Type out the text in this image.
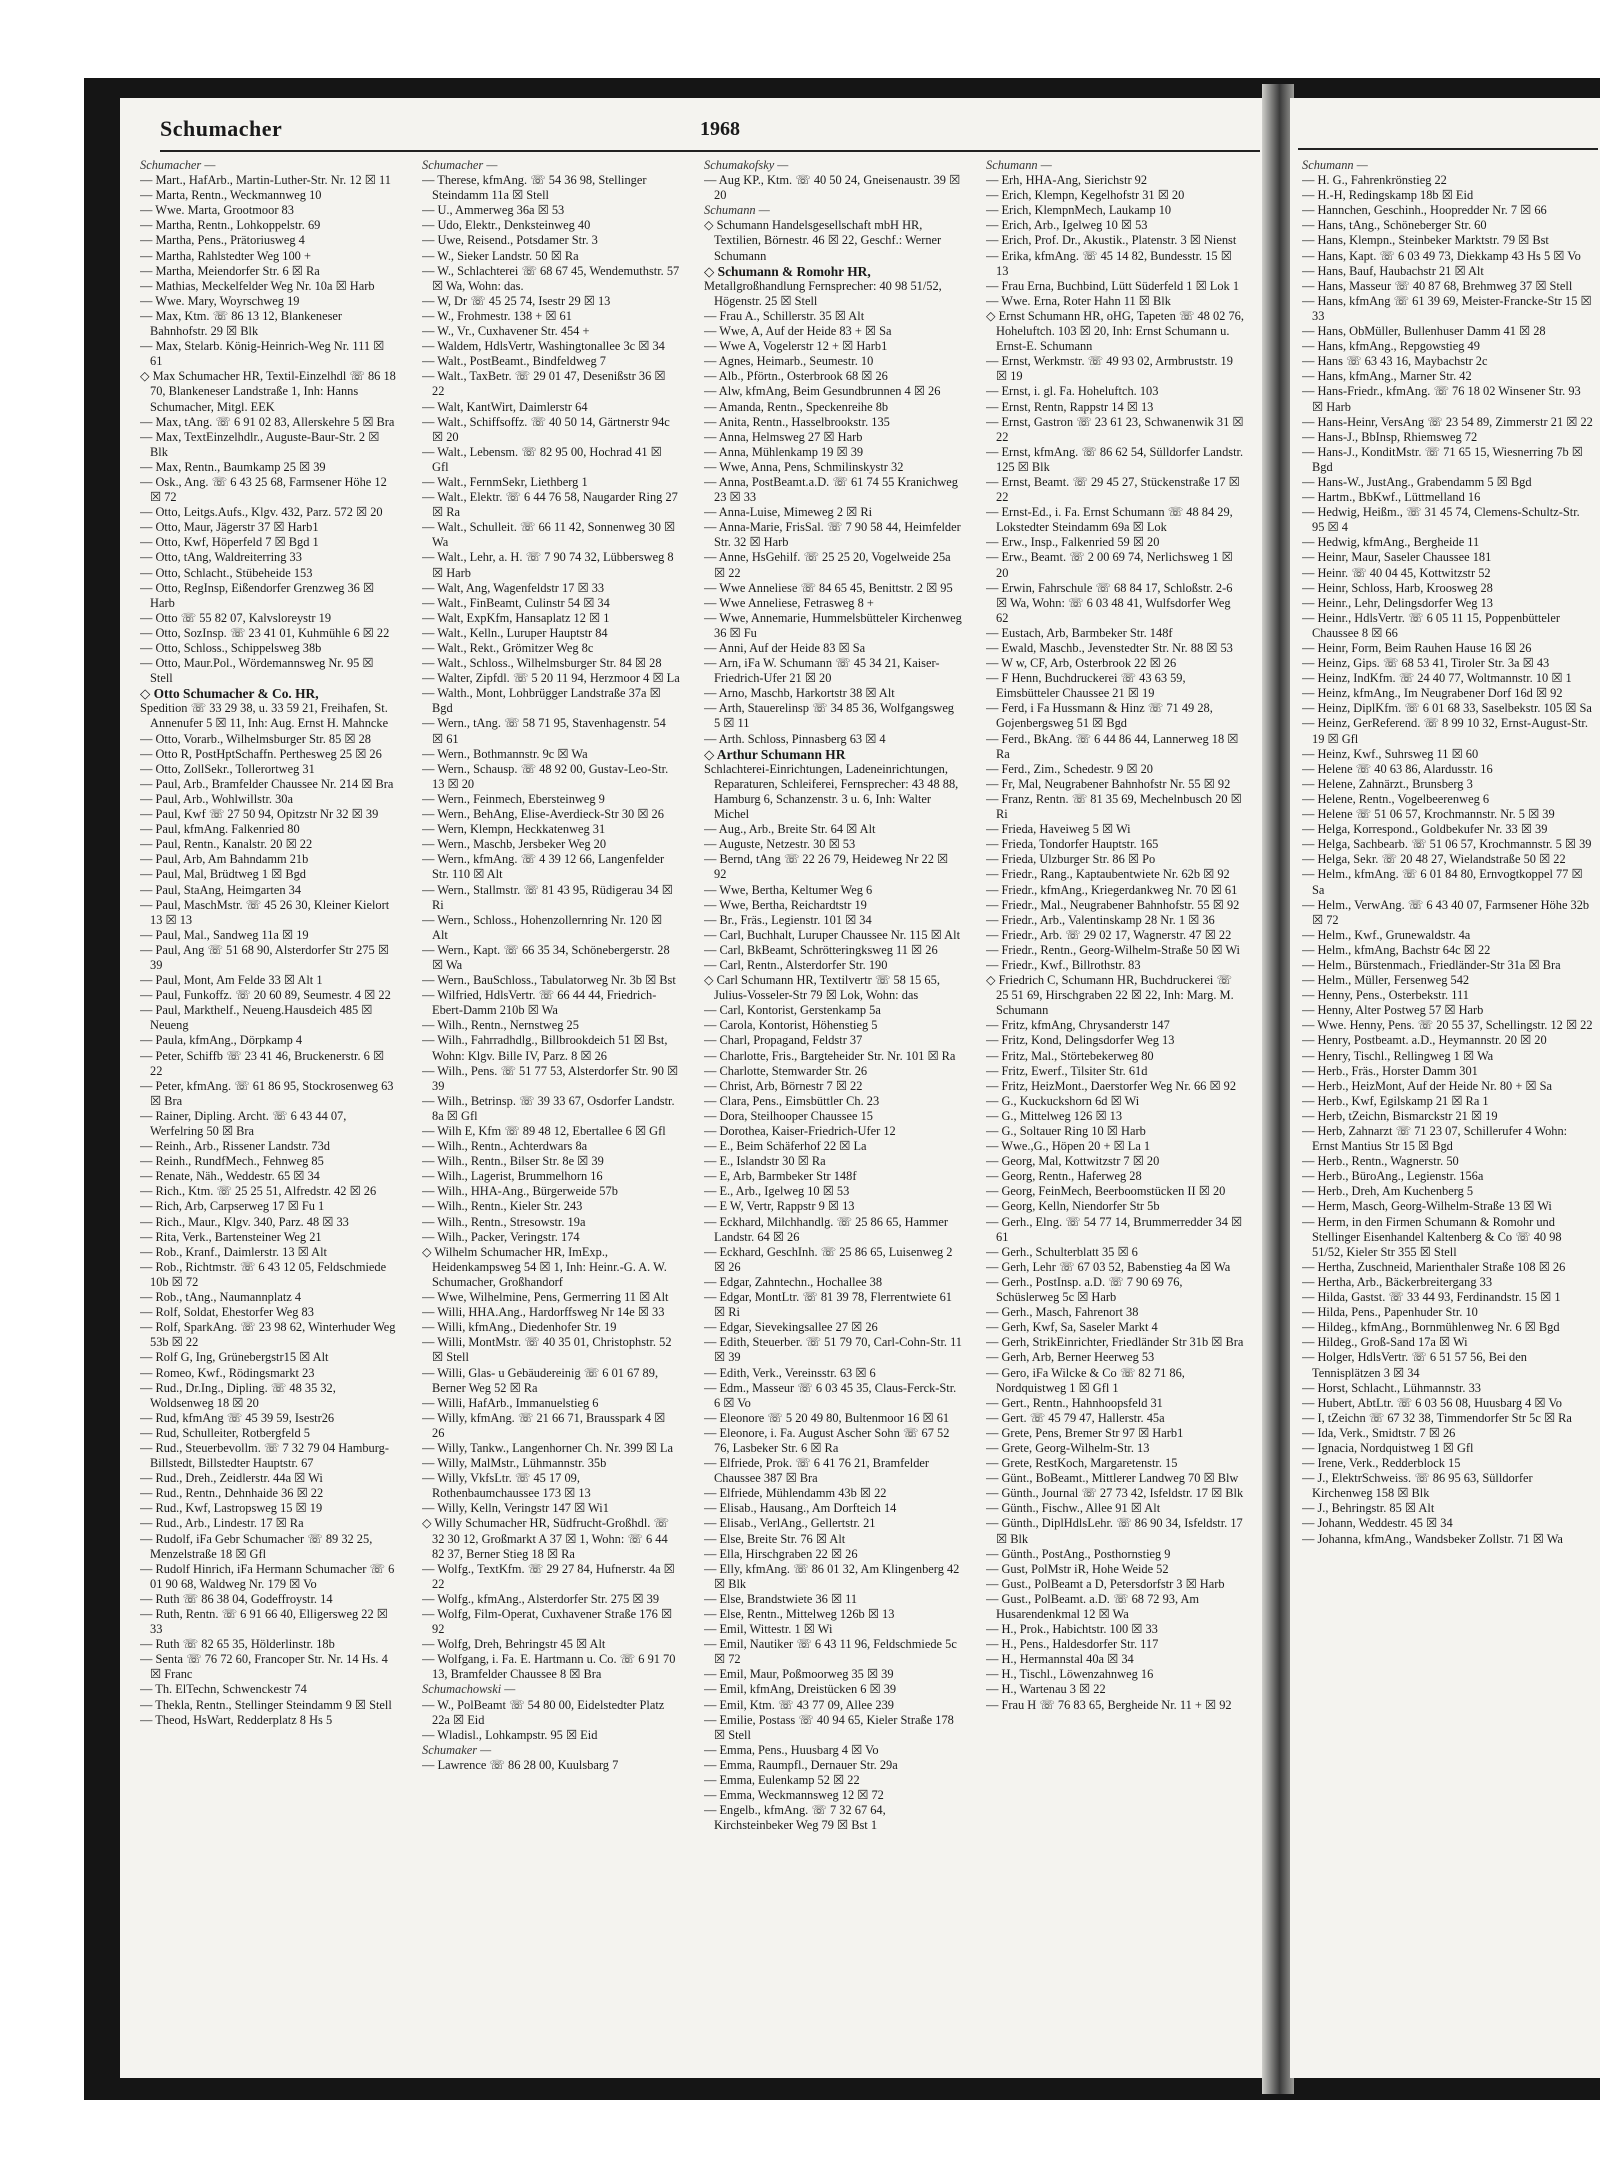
Schumacher	1968

Schumacher —

— Mart., HafArb., Martin-Luther-Str. Nr. 12 ☒ 11

— Marta, Rentn., Weckmannweg 10

— Wwe. Marta, Grootmoor 83

— Martha, Rentn., Lohkoppelstr. 69

— Martha, Pens., Prätoriusweg 4

— Martha, Rahlstedter Weg 100 +

— Martha, Meiendorfer Str. 6 ☒ Ra

— Mathias, Meckelfelder Weg Nr. 10a ☒ Harb

— Wwe. Mary, Woyrschweg 19

— Max, Ktm. ☏ 86 13 12, Blankeneser Bahnhofstr. 29 ☒ Blk

— Max, Stelarb. König-Heinrich-Weg Nr. 111 ☒ 61

◇ Max Schumacher HR, Textil-Einzelhdl ☏ 86 18 70, Blankeneser Landstraße 1, Inh: Hanns Schumacher, Mitgl. EEK

— Max, tAng. ☏ 6 91 02 83, Allerskehre 5 ☒ Bra

— Max, TextEinzelhdlr., Auguste-Baur-Str. 2 ☒ Blk

— Max, Rentn., Baumkamp 25 ☒ 39

— Osk., Ang. ☏ 6 43 25 68, Farmsener Höhe 12 ☒ 72

— Otto, Leitgs.Aufs., Klgv. 432, Parz. 572 ☒ 20

— Otto, Maur, Jägerstr 37 ☒ Harb1

— Otto, Kwf, Höperfeld 7 ☒ Bgd 1

— Otto, tAng, Waldreiterring 33

— Otto, Schlacht., Stübeheide 153

— Otto, RegInsp, Eißendorfer Grenzweg 36 ☒ Harb

— Otto ☏ 55 82 07, Kalvsloreystr 19

— Otto, SozInsp. ☏ 23 41 01, Kuhmühle 6 ☒ 22

— Otto, Schloss., Schippelsweg 38b

— Otto, Maur.Pol., Wördemannsweg Nr. 95 ☒ Stell

◇ Otto Schumacher & Co. HR,

Spedition ☏ 33 29 38, u. 33 59 21, Freihafen, St. Annenufer 5 ☒ 11, Inh: Aug. Ernst H. Mahncke

— Otto, Vorarb., Wilhelmsburger Str. 85 ☒ 28

— Otto R, PostHptSchaffn. Perthesweg 25 ☒ 26

— Otto, ZollSekr., Tollerortweg 31

— Paul, Arb., Bramfelder Chaussee Nr. 214 ☒ Bra

— Paul, Arb., Wohlwillstr. 30a

— Paul, Kwf ☏ 27 50 94, Opitzstr Nr 32 ☒ 39

— Paul, kfmAng. Falkenried 80

— Paul, Rentn., Kanalstr. 20 ☒ 22

— Paul, Arb, Am Bahndamm 21b

— Paul, Mal, Brüdtweg 1 ☒ Bgd

— Paul, StaAng, Heimgarten 34

— Paul, MaschMstr. ☏ 45 26 30, Kleiner Kielort 13 ☒ 13

— Paul, Mal., Sandweg 11a ☒ 19

— Paul, Ang ☏ 51 68 90, Alsterdorfer Str 275 ☒ 39

— Paul, Mont, Am Felde 33 ☒ Alt 1

— Paul, Funkoffz. ☏ 20 60 89, Seumestr. 4 ☒ 22

— Paul, Markthelf., Neueng.Hausdeich 485 ☒ Neueng

— Paula, kfmAng., Dörpkamp 4

— Peter, Schiffb ☏ 23 41 46, Bruckenerstr. 6 ☒ 22

— Peter, kfmAng. ☏ 61 86 95, Stockrosenweg 63 ☒ Bra

— Rainer, Dipling. Archt. ☏ 6 43 44 07, Werfelring 50 ☒ Bra

— Reinh., Arb., Rissener Landstr. 73d

— Reinh., RundfMech., Fehnweg 85

— Renate, Näh., Weddestr. 65 ☒ 34

— Rich., Ktm. ☏ 25 25 51, Alfredstr. 42 ☒ 26

— Rich, Arb, Carpserweg 17 ☒ Fu 1

— Rich., Maur., Klgv. 340, Parz. 48 ☒ 33

— Rita, Verk., Bartensteiner Weg 21

— Rob., Kranf., Daimlerstr. 13 ☒ Alt

— Rob., Richtmstr. ☏ 6 43 12 05, Feldschmiede 10b ☒ 72

— Rob., tAng., Naumannplatz 4

— Rolf, Soldat, Ehestorfer Weg 83

— Rolf, SparkAng. ☏ 23 98 62, Winterhuder Weg 53b ☒ 22

— Rolf G, Ing, Grünebergstr15 ☒ Alt

— Romeo, Kwf., Rödingsmarkt 23

— Rud., Dr.Ing., Dipling. ☏ 48 35 32, Woldsenweg 18 ☒ 20

— Rud, kfmAng ☏ 45 39 59, Isestr26

— Rud, Schulleiter, Rotbergfeld 5

— Rud., Steuerbevollm. ☏ 7 32 79 04 Hamburg-Billstedt, Billstedter Hauptstr. 67

— Rud., Dreh., Zeidlerstr. 44a ☒ Wi

— Rud., Rentn., Dehnhaide 36 ☒ 22

— Rud., Kwf, Lastropsweg 15 ☒ 19

— Rud., Arb., Lindestr. 17 ☒ Ra

— Rudolf, iFa Gebr Schumacher ☏ 89 32 25, Menzelstraße 18 ☒ Gfl

— Rudolf Hinrich, iFa Hermann Schumacher ☏ 6 01 90 68, Waldweg Nr. 179 ☒ Vo

— Ruth ☏ 86 38 04, Godeffroystr. 14

— Ruth, Rentn. ☏ 6 91 66 40, Elligersweg 22 ☒ 33

— Ruth ☏ 82 65 35, Hölderlinstr. 18b

— Senta ☏ 76 72 60, Francoper Str. Nr. 14 Hs. 4 ☒ Franc

— Th. ElTechn, Schwenckestr 74

— Thekla, Rentn., Stellinger Steindamm 9 ☒ Stell

— Theod, HsWart, Redderplatz 8 Hs 5

Schumacher —

— Therese, kfmAng. ☏ 54 36 98, Stellinger Steindamm 11a ☒ Stell

— U., Ammerweg 36a ☒ 53

— Udo, Elektr., Denksteinweg 40

— Uwe, Reisend., Potsdamer Str. 3

— W., Sieker Landstr. 50 ☒ Ra

— W., Schlachterei ☏ 68 67 45, Wendemuthstr. 57 ☒ Wa, Wohn: das.

— W, Dr ☏ 45 25 74, Isestr 29 ☒ 13

— W., Frohmestr. 138 + ☒ 61

— W., Vr., Cuxhavener Str. 454 +

— Waldem, HdlsVertr, Washingtonallee 3c ☒ 34

— Walt., PostBeamt., Bindfeldweg 7

— Walt., TaxBetr. ☏ 29 01 47, Desenißstr 36 ☒ 22

— Walt, KantWirt, Daimlerstr 64

— Walt., Schiffsoffz. ☏ 40 50 14, Gärtnerstr 94c ☒ 20

— Walt., Lebensm. ☏ 82 95 00, Hochrad 41 ☒ Gfl

— Walt., FernmSekr, Liethberg 1

— Walt., Elektr. ☏ 6 44 76 58, Naugarder Ring 27 ☒ Ra

— Walt., Schulleit. ☏ 66 11 42, Sonnenweg 30 ☒ Wa

— Walt., Lehr, a. H. ☏ 7 90 74 32, Lübbersweg 8 ☒ Harb

— Walt, Ang, Wagenfeldstr 17 ☒ 33

— Walt., FinBeamt, Culinstr 54 ☒ 34

— Walt, ExpKfm, Hansaplatz 12 ☒ 1

— Walt., Kelln., Luruper Hauptstr 84

— Walt., Rekt., Grömitzer Weg 8c

— Walt., Schloss., Wilhelmsburger Str. 84 ☒ 28

— Walter, Zipfdl. ☏ 5 20 11 94, Herzmoor 4 ☒ La

— Walth., Mont, Lohbrügger Landstraße 37a ☒ Bgd

— Wern., tAng. ☏ 58 71 95, Stavenhagenstr. 54 ☒ 61

— Wern., Bothmannstr. 9c ☒ Wa

— Wern., Schausp. ☏ 48 92 00, Gustav-Leo-Str. 13 ☒ 20

— Wern., Feinmech, Ebersteinweg 9

— Wern., BehAng, Elise-Averdieck-Str 30 ☒ 26

— Wern, Klempn, Heckkatenweg 31

— Wern., Maschb, Jersbeker Weg 20

— Wern., kfmAng. ☏ 4 39 12 66, Langenfelder Str. 110 ☒ Alt

— Wern., Stallmstr. ☏ 81 43 95, Rüdigerau 34 ☒ Ri

— Wern., Schloss., Hohenzollernring Nr. 120 ☒ Alt

— Wern., Kapt. ☏ 66 35 34, Schönebergerstr. 28 ☒ Wa

— Wern., BauSchloss., Tabulatorweg Nr. 3b ☒ Bst

— Wilfried, HdlsVertr. ☏ 66 44 44, Friedrich-Ebert-Damm 210b ☒ Wa

— Wilh., Rentn., Nernstweg 25

— Wilh., Fahrradhdlg., Billbrookdeich 51 ☒ Bst, Wohn: Klgv. Bille IV, Parz. 8 ☒ 26

— Wilh., Pens. ☏ 51 77 53, Alsterdorfer Str. 90 ☒ 39

— Wilh., Betrinsp. ☏ 39 33 67, Osdorfer Landstr. 8a ☒ Gfl

— Wilh E, Kfm ☏ 89 48 12, Ebertallee 6 ☒ Gfl

— Wilh., Rentn., Achterdwars 8a

— Wilh., Rentn., Bilser Str. 8e ☒ 39

— Wilh., Lagerist, Brummelhorn 16

— Wilh., HHA-Ang., Bürgerweide 57b

— Wilh., Rentn., Kieler Str. 243

— Wilh., Rentn., Stresowstr. 19a

— Wilh., Packer, Veringstr. 174

◇ Wilhelm Schumacher HR, ImExp., Heidenkampsweg 54 ☒ 1, Inh: Heinr.-G. A. W. Schumacher, Großhandorf

— Wwe, Wilhelmine, Pens, Germerring 11 ☒ Alt

— Willi, HHA.Ang., Hardorffsweg Nr 14e ☒ 33

— Willi, kfmAng., Diedenhofer Str. 19

— Willi, MontMstr. ☏ 40 35 01, Christophstr. 52 ☒ Stell

— Willi, Glas- u Gebäudereinig ☏ 6 01 67 89, Berner Weg 52 ☒ Ra

— Willi, HafArb., Immanuelstieg 6

— Willy, kfmAng. ☏ 21 66 71, Brausspark 4 ☒ 26

— Willy, Tankw., Langenhorner Ch. Nr. 399 ☒ La

— Willy, MalMstr., Lühmannstr. 35b

— Willy, VkfsLtr. ☏ 45 17 09, Rothenbaumchaussee 173 ☒ 13

— Willy, Kelln, Veringstr 147 ☒ Wi1

◇ Willy Schumacher HR, Südfrucht-Großhdl. ☏ 32 30 12, Großmarkt A 37 ☒ 1, Wohn: ☏ 6 44 82 37, Berner Stieg 18 ☒ Ra

— Wolfg., TextKfm. ☏ 29 27 84, Hufnerstr. 4a ☒ 22

— Wolfg., kfmAng., Alsterdorfer Str. 275 ☒ 39

— Wolfg, Film-Operat, Cuxhavener Straße 176 ☒ 92

— Wolfg, Dreh, Behringstr 45 ☒ Alt

— Wolfgang, i. Fa. E. Hartmann u. Co. ☏ 6 91 70 13, Bramfelder Chaussee 8 ☒ Bra

Schumachowski —

— W., PolBeamt ☏ 54 80 00, Eidelstedter Platz 22a ☒ Eid

— Wladisl., Lohkampstr. 95 ☒ Eid

Schumaker —

— Lawrence ☏ 86 28 00, Kuulsbarg 7

Schumakofsky —

— Aug KP., Ktm. ☏ 40 50 24, Gneisenaustr. 39 ☒ 20

Schumann —

◇ Schumann Handelsgesellschaft mbH HR, Textilien, Börnestr. 46 ☒ 22, Geschf.: Werner Schumann

◇ Schumann & Romohr HR,

Metallgroßhandlung Fernsprecher: 40 98 51/52, Högenstr. 25 ☒ Stell

— Frau A., Schillerstr. 35 ☒ Alt

— Wwe, A, Auf der Heide 83 + ☒ Sa

— Wwe A, Vogelerstr 12 + ☒ Harb1

— Agnes, Heimarb., Seumestr. 10

— Alb., Pförtn., Osterbrook 68 ☒ 26

— Alw, kfmAng, Beim Gesundbrunnen 4 ☒ 26

— Amanda, Rentn., Speckenreihe 8b

— Anita, Rentn., Hasselbrookstr. 135

— Anna, Helmsweg 27 ☒ Harb

— Anna, Mühlenkamp 19 ☒ 39

— Wwe, Anna, Pens, Schmilinskystr 32

— Anna, PostBeamt.a.D. ☏ 61 74 55 Kranichweg 23 ☒ 33

— Anna-Luise, Mimeweg 2 ☒ Ri

— Anna-Marie, FrisSal. ☏ 7 90 58 44, Heimfelder Str. 32 ☒ Harb

— Anne, HsGehilf. ☏ 25 25 20, Vogelweide 25a ☒ 22

— Wwe Anneliese ☏ 84 65 45, Benittstr. 2 ☒ 95

— Wwe Anneliese, Fetrasweg 8 +

— Wwe, Annemarie, Hummelsbütteler Kirchenweg 36 ☒ Fu

— Anni, Auf der Heide 83 ☒ Sa

— Arn, iFa W. Schumann ☏ 45 34 21, Kaiser-Friedrich-Ufer 21 ☒ 20

— Arno, Maschb, Harkortstr 38 ☒ Alt

— Arth, Stauerelinsp ☏ 34 85 36, Wolfgangsweg 5 ☒ 11

— Arth. Schloss, Pinnasberg 63 ☒ 4

◇ Arthur Schumann HR

Schlachterei-Einrichtungen, Ladeneinrichtungen, Reparaturen, Schleiferei, Fernsprecher: 43 48 88, Hamburg 6, Schanzenstr. 3 u. 6, Inh: Walter Michel

— Aug., Arb., Breite Str. 64 ☒ Alt

— Auguste, Netzestr. 30 ☒ 53

— Bernd, tAng ☏ 22 26 79, Heideweg Nr 22 ☒ 92

— Wwe, Bertha, Keltumer Weg 6

— Wwe, Bertha, Reichardtstr 19

— Br., Fräs., Legienstr. 101 ☒ 34

— Carl, Buchhalt, Luruper Chaussee Nr. 115 ☒ Alt

— Carl, BkBeamt, Schrötteringksweg 11 ☒ 26

— Carl, Rentn., Alsterdorfer Str. 190

◇ Carl Schumann HR, Textilvertr ☏ 58 15 65, Julius-Vosseler-Str 79 ☒ Lok, Wohn: das

— Carl, Kontorist, Gerstenkamp 5a

— Carola, Kontorist, Höhenstieg 5

— Charl, Propagand, Feldstr 37

— Charlotte, Fris., Bargteheider Str. Nr. 101 ☒ Ra

— Charlotte, Stemwarder Str. 26

— Christ, Arb, Börnestr 7 ☒ 22

— Clara, Pens., Eimsbüttler Ch. 23

— Dora, Steilhooper Chaussee 15

— Dorothea, Kaiser-Friedrich-Ufer 12

— E., Beim Schäferhof 22 ☒ La

— E., Islandstr 30 ☒ Ra

— E, Arb, Barmbeker Str 148f

— E., Arb., Igelweg 10 ☒ 53

— E W, Vertr, Rappstr 9 ☒ 13

— Eckhard, Milchhandlg. ☏ 25 86 65, Hammer Landstr. 64 ☒ 26

— Eckhard, GeschInh. ☏ 25 86 65, Luisenweg 2 ☒ 26

— Edgar, Zahntechn., Hochallee 38

— Edgar, MontLtr. ☏ 81 39 78, Flerrentwiete 61 ☒ Ri

— Edgar, Sievekingsallee 27 ☒ 26

— Edith, Steuerber. ☏ 51 79 70, Carl-Cohn-Str. 11 ☒ 39

— Edith, Verk., Vereinsstr. 63 ☒ 6

— Edm., Masseur ☏ 6 03 45 35, Claus-Ferck-Str. 6 ☒ Vo

— Eleonore ☏ 5 20 49 80, Bultenmoor 16 ☒ 61

— Eleonore, i. Fa. August Ascher Sohn ☏ 67 52 76, Lasbeker Str. 6 ☒ Ra

— Elfriede, Prok. ☏ 6 41 76 21, Bramfelder Chaussee 387 ☒ Bra

— Elfriede, Mühlendamm 43b ☒ 22

— Elisab., Hausang., Am Dorfteich 14

— Elisab., VerlAng., Gellertstr. 21

— Else, Breite Str. 76 ☒ Alt

— Ella, Hirschgraben 22 ☒ 26

— Elly, kfmAng. ☏ 86 01 32, Am Klingenberg 42 ☒ Blk

— Else, Brandstwiete 36 ☒ 11

— Else, Rentn., Mittelweg 126b ☒ 13

— Emil, Wittestr. 1 ☒ Wi

— Emil, Nautiker ☏ 6 43 11 96, Feldschmiede 5c ☒ 72

— Emil, Maur, Poßmoorweg 35 ☒ 39

— Emil, kfmAng, Dreistücken 6 ☒ 39

— Emil, Ktm. ☏ 43 77 09, Allee 239

— Emilie, Postass ☏ 40 94 65, Kieler Straße 178 ☒ Stell

— Emma, Pens., Huusbarg 4 ☒ Vo

— Emma, Raumpfl., Dernauer Str. 29a

— Emma, Eulenkamp 52 ☒ 22

— Emma, Weckmannsweg 12 ☒ 72

— Engelb., kfmAng. ☏ 7 32 67 64, Kirchsteinbeker Weg 79 ☒ Bst 1

Schumann —

— Erh, HHA-Ang, Sierichstr 92

— Erich, Klempn, Kegelhofstr 31 ☒ 20

— Erich, KlempnMech, Laukamp 10

— Erich, Arb., Igelweg 10 ☒ 53

— Erich, Prof. Dr., Akustik., Platenstr. 3 ☒ Nienst

— Erika, kfmAng. ☏ 45 14 82, Bundesstr. 15 ☒ 13

— Frau Erna, Buchbind, Lütt Süderfeld 1 ☒ Lok 1

— Wwe. Erna, Roter Hahn 11 ☒ Blk

◇ Ernst Schumann HR, oHG, Tapeten ☏ 48 02 76, Hoheluftch. 103 ☒ 20, Inh: Ernst Schumann u. Ernst-E. Schumann

— Ernst, Werkmstr. ☏ 49 93 02, Armbruststr. 19 ☒ 19

— Ernst, i. gl. Fa. Hoheluftch. 103

— Ernst, Rentn, Rappstr 14 ☒ 13

— Ernst, Gastron ☏ 23 61 23, Schwanenwik 31 ☒ 22

— Ernst, kfmAng. ☏ 86 62 54, Sülldorfer Landstr. 125 ☒ Blk

— Ernst, Beamt. ☏ 29 45 27, Stückenstraße 17 ☒ 22

— Ernst-Ed., i. Fa. Ernst Schumann ☏ 48 84 29, Lokstedter Steindamm 69a ☒ Lok

— Erw., Insp., Falkenried 59 ☒ 20

— Erw., Beamt. ☏ 2 00 69 74, Nerlichsweg 1 ☒ 20

— Erwin, Fahrschule ☏ 68 84 17, Schloßstr. 2-6 ☒ Wa, Wohn: ☏ 6 03 48 41, Wulfsdorfer Weg 62

— Eustach, Arb, Barmbeker Str. 148f

— Ewald, Maschb., Jevenstedter Str. Nr. 88 ☒ 53

— W w, CF, Arb, Osterbrook 22 ☒ 26

— F Henn, Buchdruckerei ☏ 43 63 59, Eimsbütteler Chaussee 21 ☒ 19

— Ferd, i Fa Hussmann & Hinz ☏ 71 49 28, Gojenbergsweg 51 ☒ Bgd

— Ferd., BkAng. ☏ 6 44 86 44, Lannerweg 18 ☒ Ra

— Ferd., Zim., Schedestr. 9 ☒ 20

— Fr, Mal, Neugrabener Bahnhofstr Nr. 55 ☒ 92

— Franz, Rentn. ☏ 81 35 69, Mechelnbusch 20 ☒ Ri

— Frieda, Haveiweg 5 ☒ Wi

— Frieda, Tondorfer Hauptstr. 165

— Frieda, Ulzburger Str. 86 ☒ Po

— Friedr., Rang., Kaptaubentwiete Nr. 62b ☒ 92

— Friedr., kfmAng., Kriegerdankweg Nr. 70 ☒ 61

— Friedr., Mal., Neugrabener Bahnhofstr. 55 ☒ 92

— Friedr., Arb., Valentinskamp 28 Nr. 1 ☒ 36

— Friedr., Arb. ☏ 29 02 17, Wagnerstr. 47 ☒ 22

— Friedr., Rentn., Georg-Wilhelm-Straße 50 ☒ Wi

— Friedr., Kwf., Billrothstr. 83

◇ Friedrich C, Schumann HR, Buchdruckerei ☏ 25 51 69, Hirschgraben 22 ☒ 22, Inh: Marg. M. Schumann

— Fritz, kfmAng, Chrysanderstr 147

— Fritz, Kond, Delingsdorfer Weg 13

— Fritz, Mal., Störtebekerweg 80

— Fritz, Ewerf., Tilsiter Str. 61d

— Fritz, HeizMont., Daerstorfer Weg Nr. 66 ☒ 92

— G., Kuckuckshorn 6d ☒ Wi

— G., Mittelweg 126 ☒ 13

— G., Soltauer Ring 10 ☒ Harb

— Wwe.,G., Höpen 20 + ☒ La 1

— Georg, Mal, Kottwitzstr 7 ☒ 20

— Georg, Rentn., Haferweg 28

— Georg, FeinMech, Beerboomstücken II ☒ 20

— Georg, Kelln, Niendorfer Str 5b

— Gerh., Elng. ☏ 54 77 14, Brummerredder 34 ☒ 61

— Gerh., Schulterblatt 35 ☒ 6

— Gerh, Lehr ☏ 67 03 52, Babenstieg 4a ☒ Wa

— Gerh., PostInsp. a.D. ☏ 7 90 69 76, Schüslerweg 5c ☒ Harb

— Gerh., Masch, Fahrenort 38

— Gerh, Kwf, Sa, Saseler Markt 4

— Gerh, StrikEinrichter, Friedländer Str 31b ☒ Bra

— Gerh, Arb, Berner Heerweg 53

— Gero, iFa Wilcke & Co ☏ 82 71 86, Nordquistweg 1 ☒ Gfl 1

— Gert., Rentn., Hahnhoopsfeld 31

— Gert. ☏ 45 79 47, Hallerstr. 45a

— Grete, Pens, Bremer Str 97 ☒ Harb1

— Grete, Georg-Wilhelm-Str. 13

— Grete, RestKoch, Margaretenstr. 15

— Günt., BoBeamt., Mittlerer Landweg 70 ☒ Blw

— Günth., Journal ☏ 27 73 42, Isfeldstr. 17 ☒ Blk

— Günth., Fischw., Allee 91 ☒ Alt

— Günth., DiplHdlsLehr. ☏ 86 90 34, Isfeldstr. 17 ☒ Blk

— Günth., PostAng., Posthornstieg 9

— Gust, PolMstr iR, Hohe Weide 52

— Gust., PolBeamt a D, Petersdorfstr 3 ☒ Harb

— Gust., PolBeamt. a.D. ☏ 68 72 93, Am Husarendenkmal 12 ☒ Wa

— H., Prok., Habichtstr. 100 ☒ 33

— H., Pens., Haldesdorfer Str. 117

— H., Hermannstal 40a ☒ 34

— H., Tischl., Löwenzahnweg 16

— H., Wartenau 3 ☒ 22

— Frau H ☏ 76 83 65, Bergheide Nr. 11 + ☒ 92

Schumann —

— H. G., Fahrenkrönstieg 22

— H.-H, Redingskamp 18b ☒ Eid

— Hannchen, Geschinh., Hoopredder Nr. 7 ☒ 66

— Hans, tAng., Schöneberger Str. 60

— Hans, Klempn., Steinbeker Marktstr. 79 ☒ Bst

— Hans, Kapt. ☏ 6 03 49 73, Diekkamp 43 Hs 5 ☒ Vo

— Hans, Bauf, Haubachstr 21 ☒ Alt

— Hans, Masseur ☏ 40 87 68, Brehmweg 37 ☒ Stell

— Hans, kfmAng ☏ 61 39 69, Meister-Francke-Str 15 ☒ 33

— Hans, ObMüller, Bullenhuser Damm 41 ☒ 28

— Hans, kfmAng., Repgowstieg 49

— Hans ☏ 63 43 16, Maybachstr 2c

— Hans, kfmAng., Marner Str. 42

— Hans-Friedr., kfmAng. ☏ 76 18 02 Winsener Str. 93 ☒ Harb

— Hans-Heinr, VersAng ☏ 23 54 89, Zimmerstr 21 ☒ 22

— Hans-J., BbInsp, Rhiemsweg 72

— Hans-J., KonditMstr. ☏ 71 65 15, Wiesnerring 7b ☒ Bgd

— Hans-W., JustAng., Grabendamm 5 ☒ Bgd

— Hartm., BbKwf., Lüttmelland 16

— Hedwig, Heißm., ☏ 31 45 74, Clemens-Schultz-Str. 95 ☒ 4

— Hedwig, kfmAng., Bergheide 11

— Heinr, Maur, Saseler Chaussee 181

— Heinr. ☏ 40 04 45, Kottwitzstr 52

— Heinr, Schloss, Harb, Kroosweg 28

— Heinr., Lehr, Delingsdorfer Weg 13

— Heinr., HdlsVertr. ☏ 6 05 11 15, Poppenbütteler Chaussee 8 ☒ 66

— Heinr, Form, Beim Rauhen Hause 16 ☒ 26

— Heinz, Gips. ☏ 68 53 41, Tiroler Str. 3a ☒ 43

— Heinz, IndKfm. ☏ 24 40 77, Woltmannstr. 10 ☒ 1

— Heinz, kfmAng., Im Neugrabener Dorf 16d ☒ 92

— Heinz, DiplKfm. ☏ 6 01 68 33, Saselbekstr. 105 ☒ Sa

— Heinz, GerReferend. ☏ 8 99 10 32, Ernst-August-Str. 19 ☒ Gfl

— Heinz, Kwf., Suhrsweg 11 ☒ 60

— Helene ☏ 40 63 86, Alardusstr. 16

— Helene, Zahnärzt., Brunsberg 3

— Helene, Rentn., Vogelbeerenweg 6

— Helene ☏ 51 06 57, Krochmannstr. Nr. 5 ☒ 39

— Helga, Korrespond., Goldbekufer Nr. 33 ☒ 39

— Helga, Sachbearb. ☏ 51 06 57, Krochmannstr. 5 ☒ 39

— Helga, Sekr. ☏ 20 48 27, Wielandstraße 50 ☒ 22

— Helm., kfmAng. ☏ 6 01 84 80, Ernvogtkoppel 77 ☒ Sa

— Helm., VerwAng. ☏ 6 43 40 07, Farmsener Höhe 32b ☒ 72

— Helm., Kwf., Grunewaldstr. 4a

— Helm., kfmAng, Bachstr 64c ☒ 22

— Helm., Bürstenmach., Friedländer-Str 31a ☒ Bra

— Helm., Müller, Fersenweg 542

— Henny, Pens., Osterbekstr. 111

— Henny, Alter Postweg 57 ☒ Harb

— Wwe. Henny, Pens. ☏ 20 55 37, Schellingstr. 12 ☒ 22

— Henry, Postbeamt. a.D., Heymannstr. 20 ☒ 20

— Henry, Tischl., Rellingweg 1 ☒ Wa

— Herb., Fräs., Horster Damm 301

— Herb., HeizMont, Auf der Heide Nr. 80 + ☒ Sa

— Herb., Kwf, Egilskamp 21 ☒ Ra 1

— Herb, tZeichn, Bismarckstr 21 ☒ 19

— Herb, Zahnarzt ☏ 71 23 07, Schillerufer 4 Wohn: Ernst Mantius Str 15 ☒ Bgd

— Herb., Rentn., Wagnerstr. 50

— Herb., BüroAng., Legienstr. 156a

— Herb., Dreh, Am Kuchenberg 5

— Herm, Masch, Georg-Wilhelm-Straße 13 ☒ Wi

— Herm, in den Firmen Schumann & Romohr und Stellinger Eisenhandel Kaltenberg & Co ☏ 40 98 51/52, Kieler Str 355 ☒ Stell

— Hertha, Zuschneid, Marienthaler Straße 108 ☒ 26

— Hertha, Arb., Bäckerbreitergang 33

— Hilda, Gastst. ☏ 33 44 93, Ferdinandstr. 15 ☒ 1

— Hilda, Pens., Papenhuder Str. 10

— Hildeg., kfmAng., Bornmühlenweg Nr. 6 ☒ Bgd

— Hildeg., Groß-Sand 17a ☒ Wi

— Holger, HdlsVertr. ☏ 6 51 57 56, Bei den Tennisplätzen 3 ☒ 34

— Horst, Schlacht., Lühmannstr. 33

— Hubert, AbtLtr. ☏ 6 03 56 08, Huusbarg 4 ☒ Vo

— I, tZeichn ☏ 67 32 38, Timmendorfer Str 5c ☒ Ra

— Ida, Verk., Smidtstr. 7 ☒ 26

— Ignacia, Nordquistweg 1 ☒ Gfl

— Irene, Verk., Redderblock 15

— J., ElektrSchweiss. ☏ 86 95 63, Sülldorfer Kirchenweg 158 ☒ Blk

— J., Behringstr. 85 ☒ Alt

— Johann, Weddestr. 45 ☒ 34

— Johanna, kfmAng., Wandsbeker Zollstr. 71 ☒ Wa
